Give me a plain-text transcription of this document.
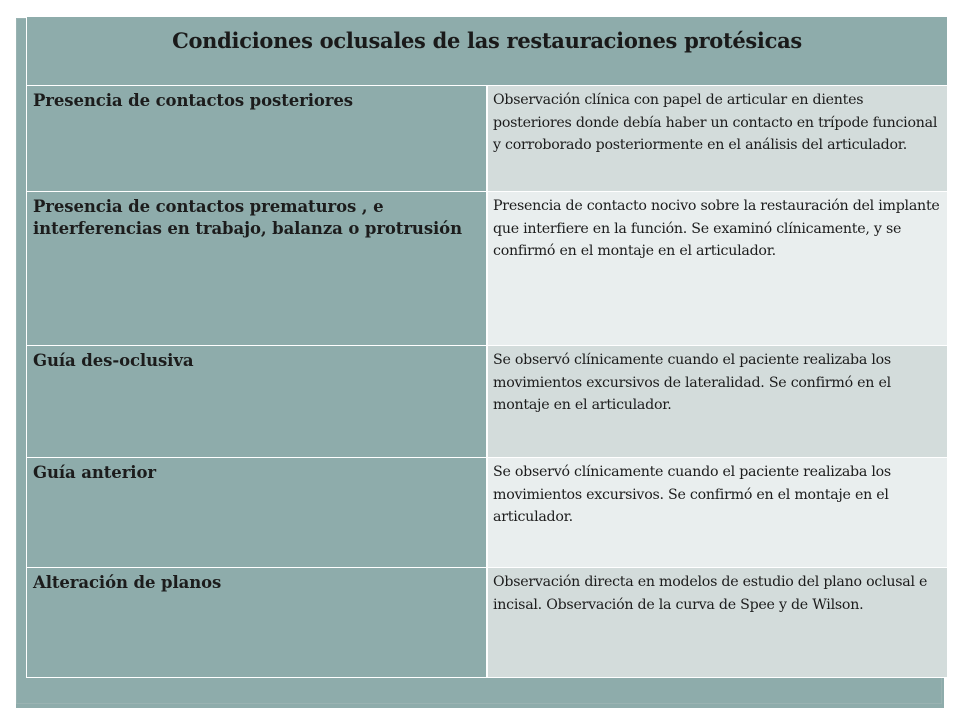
Condiciones oclusales de las restauraciones protésicas	

Presencia de contactos posteriores	Observación clínica con papel de articular en dientes posteriores donde debía haber un contacto en trípode funcional y corroborado posteriormente en el análisis del articulador.

Presencia de contactos prematuros , e interferencias en trabajo, balanza o protrusión	Presencia de contacto nocivo sobre la restauración del implante que interfiere en la función. Se examinó clínicamente, y se confirmó en el montaje en el articulador.

Guía des-oclusiva	Se observó clínicamente cuando el paciente realizaba los movimientos excursivos de lateralidad. Se confirmó en el montaje en el articulador.

Guía anterior	Se observó clínicamente cuando el paciente realizaba los movimientos excursivos. Se confirmó en el montaje en el articulador.

Alteración de planos	Observación directa en modelos de estudio del plano oclusal e incisal. Observación de la curva de Spee y de Wilson.
